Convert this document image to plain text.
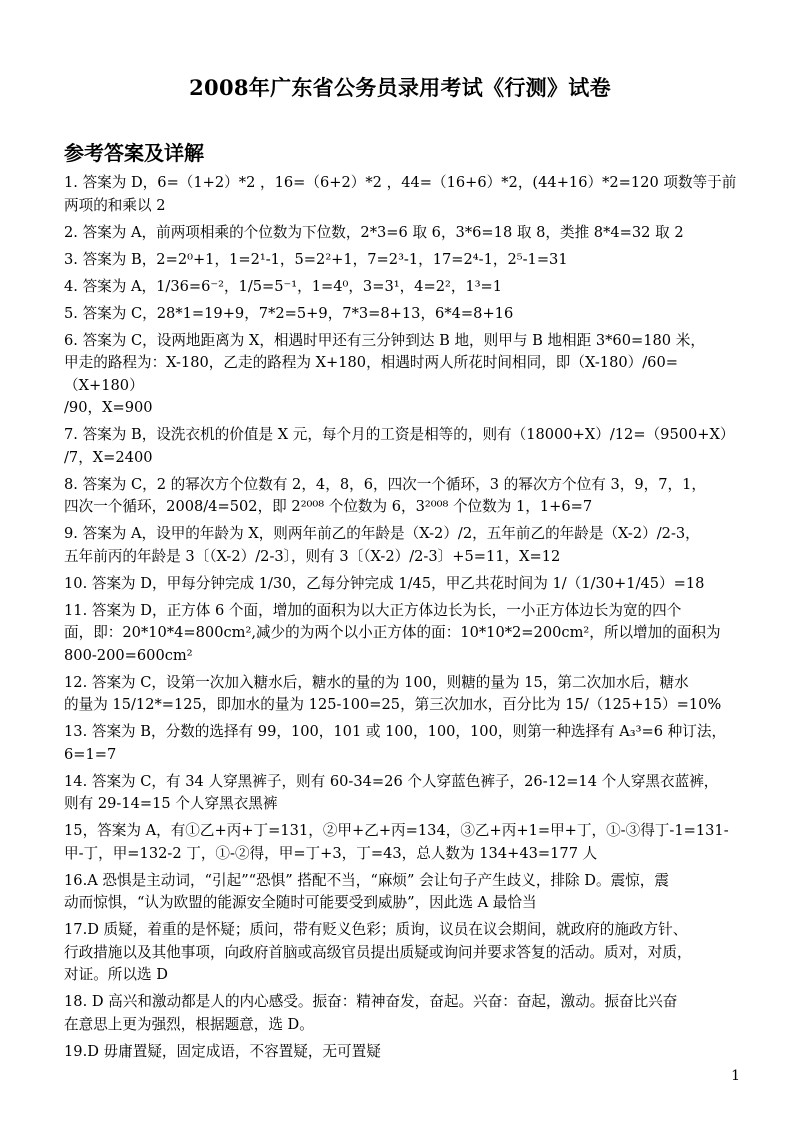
2008年广东省公务员录用考试《行测》试卷
参考答案及详解

1. 答案为 D，6=（1+2）*2 ，16=（6+2）*2 ，44=（16+6）*2，(44+16）*2=120 项数等于前

两项的和乘以 2

2. 答案为 A，前两项相乘的个位数为下位数，2*3=6 取 6，3*6=18 取 8，类推 8*4=32 取 2

3. 答案为 B，2=2⁰+1，1=2¹-1，5=2²+1，7=2³-1，17=2⁴-1，2⁵-1=31

4. 答案为 A，1/36=6⁻²，1/5=5⁻¹，1=4⁰，3=3¹，4=2²，1³=1

5. 答案为 C，28*1=19+9，7*2=5+9，7*3=8+13，6*4=8+16

6. 答案为 C，设两地距离为 X，相遇时甲还有三分钟到达 B 地，则甲与 B 地相距 3*60=180 米，

甲走的路程为：X-180，乙走的路程为 X+180，相遇时两人所花时间相同，即（X-180）/60=（X+180）

/90，X=900

7. 答案为 B，设洗衣机的价值是 X 元，每个月的工资是相等的，则有（18000+X）/12=（9500+X）

/7，X=2400

8. 答案为 C，2 的幂次方个位数有 2，4，8，6，四次一个循环，3 的幂次方个位有 3，9，7，1，

四次一个循环，2008/4=502，即 2²⁰⁰⁸ 个位数为 6，3²⁰⁰⁸ 个位数为 1，1+6=7

9. 答案为 A，设甲的年龄为 X，则两年前乙的年龄是（X-2）/2，五年前乙的年龄是（X-2）/2-3，

五年前丙的年龄是 3〔（X-2）/2-3〕，则有 3〔（X-2）/2-3〕+5=11，X=12

10. 答案为 D，甲每分钟完成 1/30，乙每分钟完成 1/45，甲乙共花时间为 1/（1/30+1/45）=18

11. 答案为 D，正方体 6 个面，增加的面积为以大正方体边长为长，一小正方体边长为宽的四个

面，即：20*10*4=800cm²,减少的为两个以小正方体的面：10*10*2=200cm²，所以增加的面积为

800-200=600cm²

12. 答案为 C，设第一次加入糖水后，糖水的量的为 100，则糖的量为 15，第二次加水后，糖水

的量为 15/12*=125，即加水的量为 125-100=25，第三次加水，百分比为 15/（125+15）=10%

13. 答案为 B，分数的选择有 99，100，101 或 100，100，100，则第一种选择有 A₃³=6 种订法，

6=1=7

14. 答案为 C，有 34 人穿黑裤子，则有 60-34=26 个人穿蓝色裤子，26-12=14 个人穿黑衣蓝裤，

则有 29-14=15 个人穿黑衣黑裤

15，答案为 A，有①乙+丙+丁=131，②甲+乙+丙=134，③乙+丙+1=甲+丁，①-③得丁-1=131-

甲-丁，甲=132-2 丁，①-②得，甲=丁+3，丁=43，总人数为 134+43=177 人

16.A 恐惧是主动词，“引起”“恐惧” 搭配不当，“麻烦” 会让句子产生歧义，排除 D。震惊，震

动而惊惧，“认为欧盟的能源安全随时可能要受到威胁”，因此选 A 最恰当

17.D 质疑，着重的是怀疑；质问，带有贬义色彩；质询，议员在议会期间，就政府的施政方针、

行政措施以及其他事项，向政府首脑或高级官员提出质疑或询问并要求答复的活动。质对，对质，

对证。所以选 D

18. D 高兴和激动都是人的内心感受。振奋：精神奋发，奋起。兴奋：奋起，激动。振奋比兴奋

在意思上更为强烈，根据题意，选 D。

19.D 毋庸置疑，固定成语，不容置疑，无可置疑

1
